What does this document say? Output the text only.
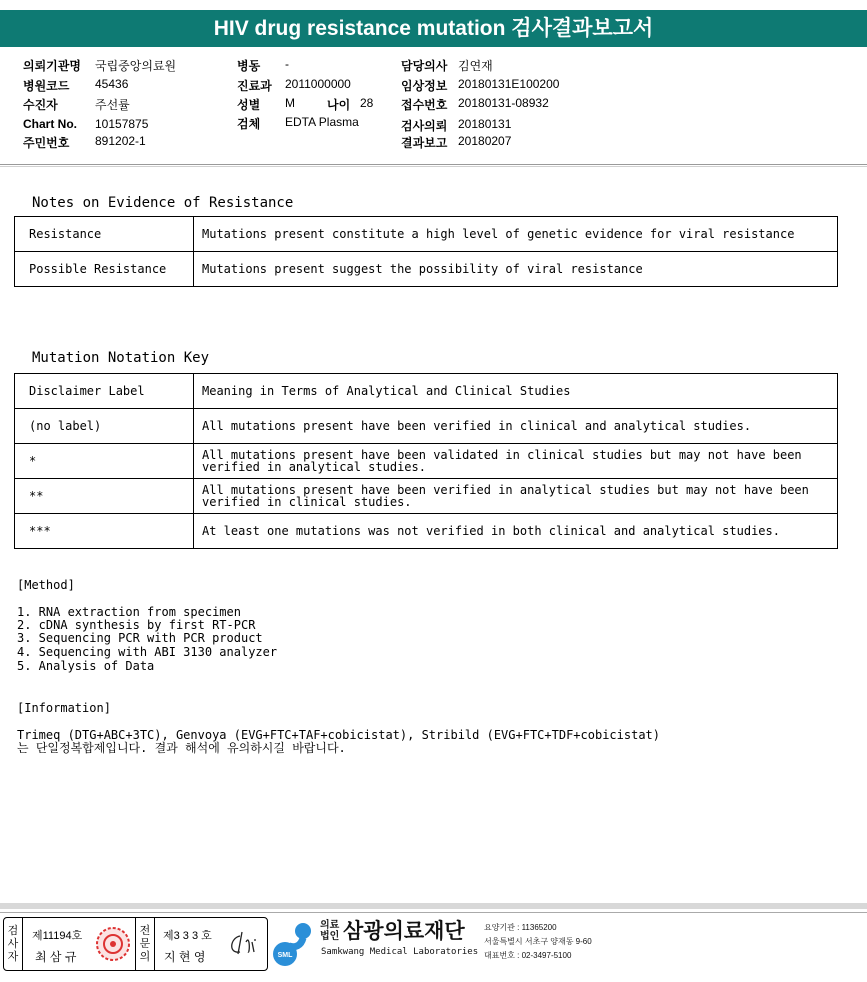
HIV drug resistance mutation 검사결과보고서
의뢰기관명 국립중앙의료원
병원코드 45436
수진자	주선률
Chart No. 10157875
주민번호 891202-1
병동 -
진료과 2011000000
성별 M	나이 28
검체 EDTA Plasma
담당의사 김연재
임상정보 20180131E100200
접수번호 20180131-08932
검사의뢰 20180131
결과보고 20180207
Notes on Evidence of Resistance
Resistance	Mutations present constitute a high level of genetic evidence for viral resistance
Possible Resistance	Mutations present suggest the possibility of viral resistance
Mutation Notation Key
Disclaimer Label	Meaning in Terms of Analytical and Clinical Studies
(no label)	All mutations present have been verified in clinical and analytical studies.
*	All mutations present have been validated in clinical studies but may not have been verified in analytical studies.
**	All mutations present have been verified in analytical studies but may not have been verified in clinical studies.
***	At least one mutations was not verified in both clinical and analytical studies.
[Method]
1. RNA extraction from specimen
2. cDNA synthesis by first RT-PCR
3. Sequencing PCR with PCR product
4. Sequencing with ABI 3130 analyzer
5. Analysis of Data
[Information]
Trimeq (DTG+ABC+3TC), Genvoya (EVG+FTC+TAF+cobicistat), Stribild (EVG+FTC+TDF+cobicistat)
는 단일정복합제입니다. 결과 해석에 유의하시길 바랍니다.
검사자
제11194호
최 삼 규
전문의
제3 3 3 호
지 현 영	SML
의료법인 삼광의료재단
Samkwang Medical Laboratories
요양기관 : 11365200
서울특별시 서초구 양재동 9-60
대표번호 : 02-3497-5100
